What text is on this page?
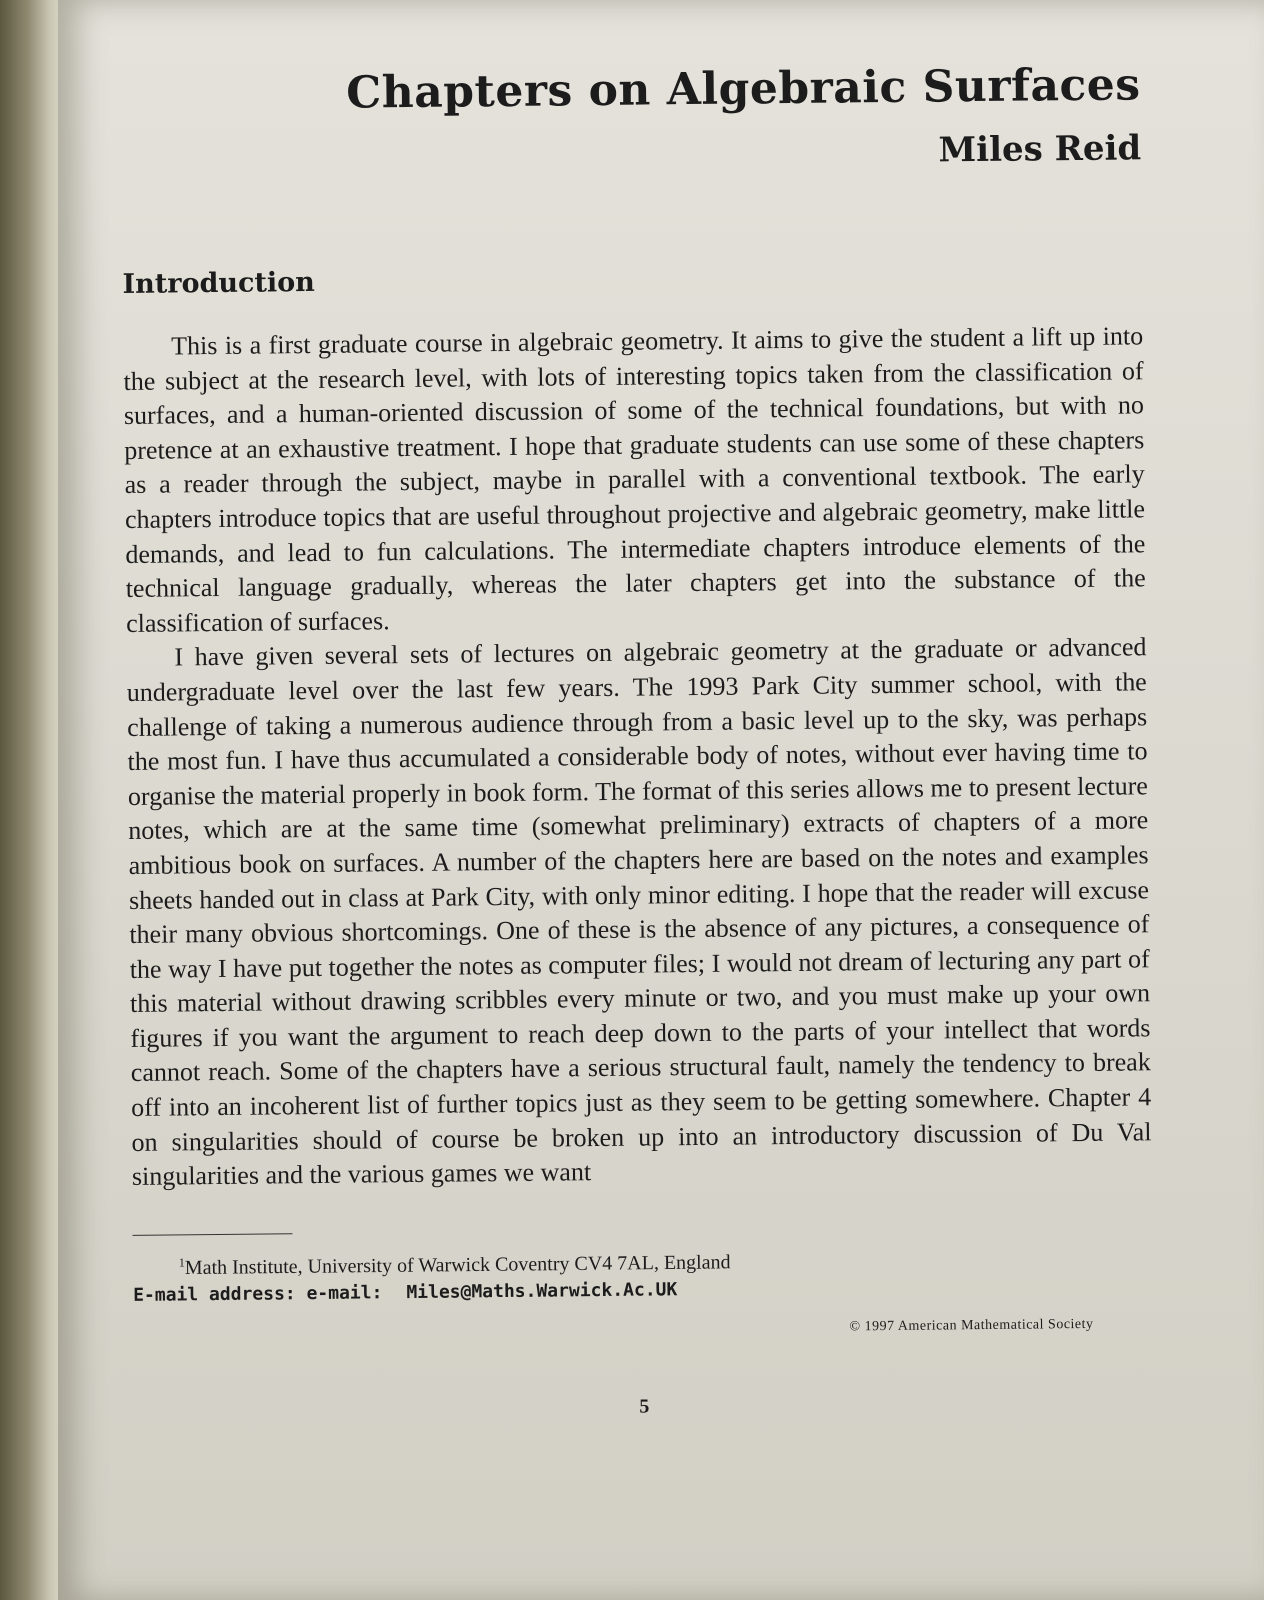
Chapters on Algebraic Surfaces
Miles Reid
Introduction

This is a first graduate course in algebraic geometry. It aims to give the student a lift up into the subject at the research level, with lots of interesting topics taken from the classification of surfaces, and a human-oriented discussion of some of the technical foundations, but with no pretence at an exhaustive treatment. I hope that graduate students can use some of these chapters as a reader through the subject, maybe in parallel with a conventional textbook. The early chapters introduce topics that are useful throughout projective and algebraic geometry, make little demands, and lead to fun calculations. The intermediate chapters introduce elements of the technical language gradually, whereas the later chapters get into the substance of the classification of surfaces.

I have given several sets of lectures on algebraic geometry at the graduate or advanced undergraduate level over the last few years. The 1993 Park City summer school, with the challenge of taking a numerous audience through from a basic level up to the sky, was perhaps the most fun. I have thus accumulated a considerable body of notes, without ever having time to organise the material properly in book form. The format of this series allows me to present lecture notes, which are at the same time (somewhat preliminary) extracts of chapters of a more ambitious book on surfaces. A number of the chapters here are based on the notes and examples sheets handed out in class at Park City, with only minor editing. I hope that the reader will excuse their many obvious shortcomings. One of these is the absence of any pictures, a consequence of the way I have put together the notes as computer files; I would not dream of lecturing any part of this material without drawing scribbles every minute or two, and you must make up your own figures if you want the argument to reach deep down to the parts of your intellect that words cannot reach. Some of the chapters have a serious structural fault, namely the tendency to break off into an incoherent list of further topics just as they seem to be getting somewhere. Chapter 4 on singularities should of course be broken up into an introductory discussion of Du Val singularities and the various games we want

$^1$Math Institute, University of Warwick Coventry CV4 7AL, England
E-mail address: e-mail: Miles@Maths.Warwick.Ac.UK
© 1997 American Mathematical Society
5
